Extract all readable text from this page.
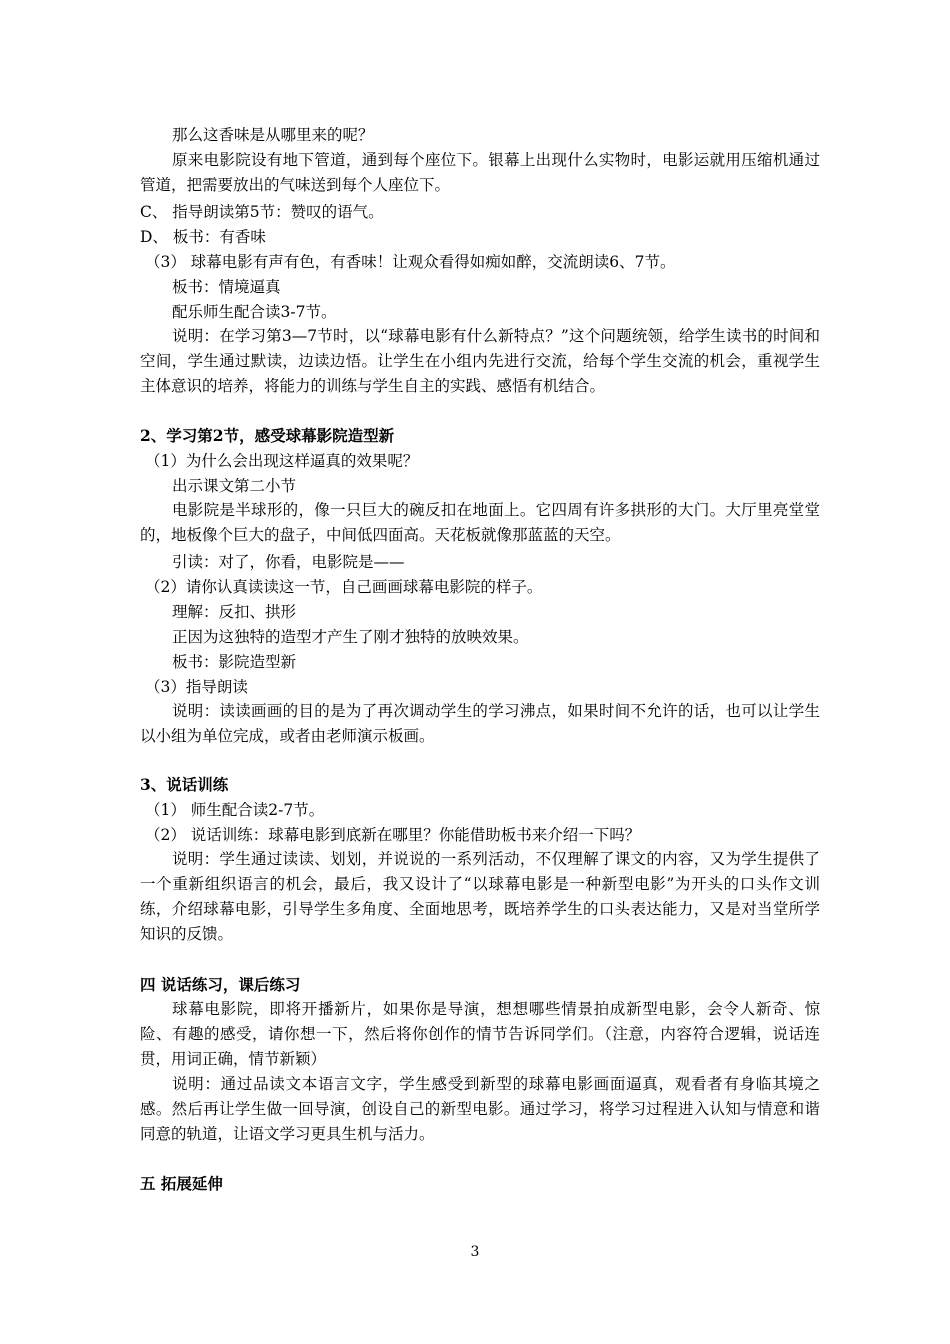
那么这香味是从哪里来的呢？
原来电影院设有地下管道，通到每个座位下。银幕上出现什么实物时，电影运就用压缩机通过管道，把需要放出的气味送到每个人座位下。
C、 指导朗读第5节：赞叹的语气。
D、 板书：有香味
（3） 球幕电影有声有色，有香味！让观众看得如痴如醉，交流朗读6、7节。
板书：情境逼真
配乐师生配合读3-7节。
说明：在学习第3—7节时，以“球幕电影有什么新特点？”这个问题统领，给学生读书的时间和空间，学生通过默读，边读边悟。让学生在小组内先进行交流，给每个学生交流的机会，重视学生主体意识的培养，将能力的训练与学生自主的实践、感悟有机结合。
2、学习第2节，感受球幕影院造型新
（1）为什么会出现这样逼真的效果呢？
出示课文第二小节
电影院是半球形的，像一只巨大的碗反扣在地面上。它四周有许多拱形的大门。大厅里亮堂堂的，地板像个巨大的盘子，中间低四面高。天花板就像那蓝蓝的天空。
引读：对了，你看，电影院是——
（2）请你认真读读这一节，自己画画球幕电影院的样子。
理解：反扣、拱形
正因为这独特的造型才产生了刚才独特的放映效果。
板书：影院造型新
（3）指导朗读
说明：读读画画的目的是为了再次调动学生的学习沸点，如果时间不允许的话，也可以让学生以小组为单位完成，或者由老师演示板画。
3、说话训练
（1） 师生配合读2-7节。
（2） 说话训练：球幕电影到底新在哪里？你能借助板书来介绍一下吗？
说明：学生通过读读、划划，并说说的一系列活动，不仅理解了课文的内容，又为学生提供了一个重新组织语言的机会，最后，我又设计了“以球幕电影是一种新型电影”为开头的口头作文训练，介绍球幕电影，引导学生多角度、全面地思考，既培养学生的口头表达能力，又是对当堂所学知识的反馈。
四 说话练习，课后练习
球幕电影院，即将开播新片，如果你是导演，想想哪些情景拍成新型电影，会令人新奇、惊险、有趣的感受，请你想一下，然后将你创作的情节告诉同学们。（注意，内容符合逻辑，说话连贯，用词正确，情节新颖）
说明：通过品读文本语言文字，学生感受到新型的球幕电影画面逼真，观看者有身临其境之感。然后再让学生做一回导演，创设自己的新型电影。通过学习，将学习过程进入认知与情意和谐同意的轨道，让语文学习更具生机与活力。
五 拓展延伸
3
